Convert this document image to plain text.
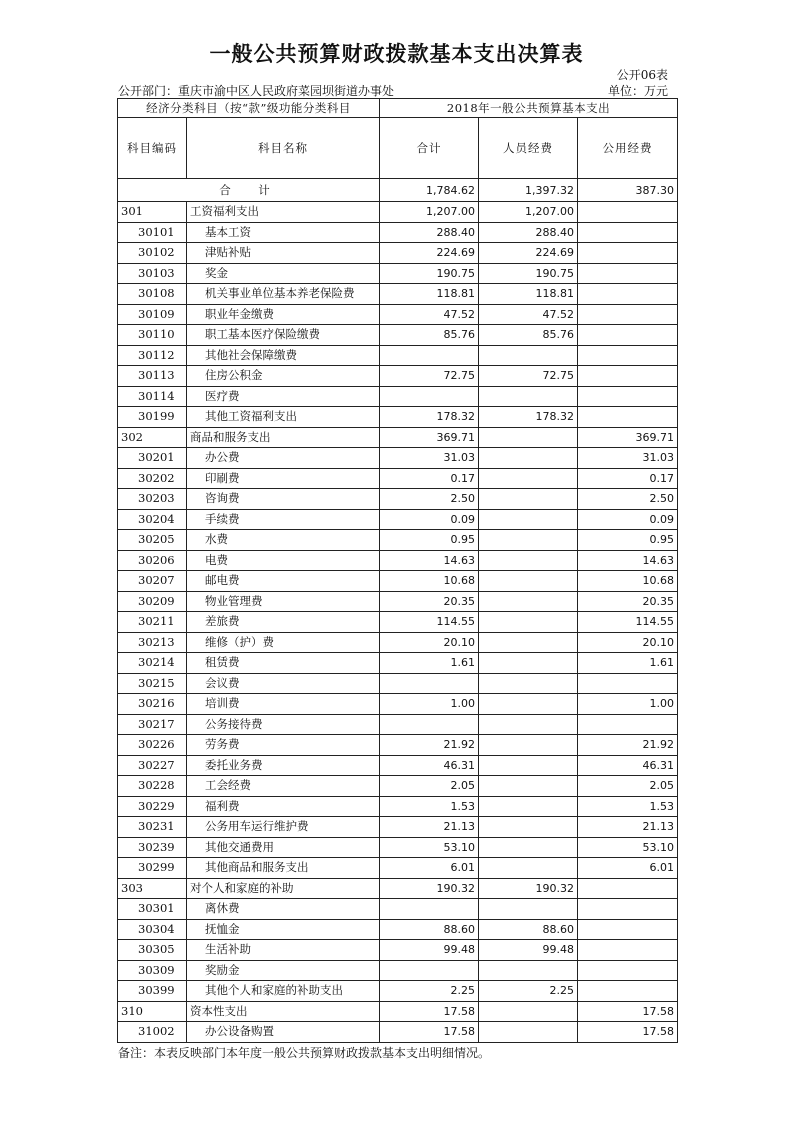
一般公共预算财政拨款基本支出决算表
公开06表
公开部门：重庆市渝中区人民政府菜园坝街道办事处	单位：万元
经济分类科目（按“款”级功能分类科目		2018年一般公共预算基本支出		
科目编码	科目名称	合计	人员经费	公用经费
合　计		1,784.62	1,397.32	387.30
301	工资福利支出	1,207.00	1,207.00	
30101	基本工资	288.40	288.40	
30102	津贴补贴	224.69	224.69	
30103	奖金	190.75	190.75	
30108	机关事业单位基本养老保险费	118.81	118.81	
30109	职业年金缴费	47.52	47.52	
30110	职工基本医疗保险缴费	85.76	85.76	
30112	其他社会保障缴费			
30113	住房公积金	72.75	72.75	
30114	医疗费			
30199	其他工资福利支出	178.32	178.32	
302	商品和服务支出	369.71		369.71
30201	办公费	31.03		31.03
30202	印刷费	0.17		0.17
30203	咨询费	2.50		2.50
30204	手续费	0.09		0.09
30205	水费	0.95		0.95
30206	电费	14.63		14.63
30207	邮电费	10.68		10.68
30209	物业管理费	20.35		20.35
30211	差旅费	114.55		114.55
30213	维修（护）费	20.10		20.10
30214	租赁费	1.61		1.61
30215	会议费			
30216	培训费	1.00		1.00
30217	公务接待费			
30226	劳务费	21.92		21.92
30227	委托业务费	46.31		46.31
30228	工会经费	2.05		2.05
30229	福利费	1.53		1.53
30231	公务用车运行维护费	21.13		21.13
30239	其他交通费用	53.10		53.10
30299	其他商品和服务支出	6.01		6.01
303	对个人和家庭的补助	190.32	190.32	
30301	离休费			
30304	抚恤金	88.60	88.60	
30305	生活补助	99.48	99.48	
30309	奖励金			
30399	其他个人和家庭的补助支出	2.25	2.25	
310	资本性支出	17.58		17.58
31002	办公设备购置	17.58		17.58
备注：本表反映部门本年度一般公共预算财政拨款基本支出明细情况。
